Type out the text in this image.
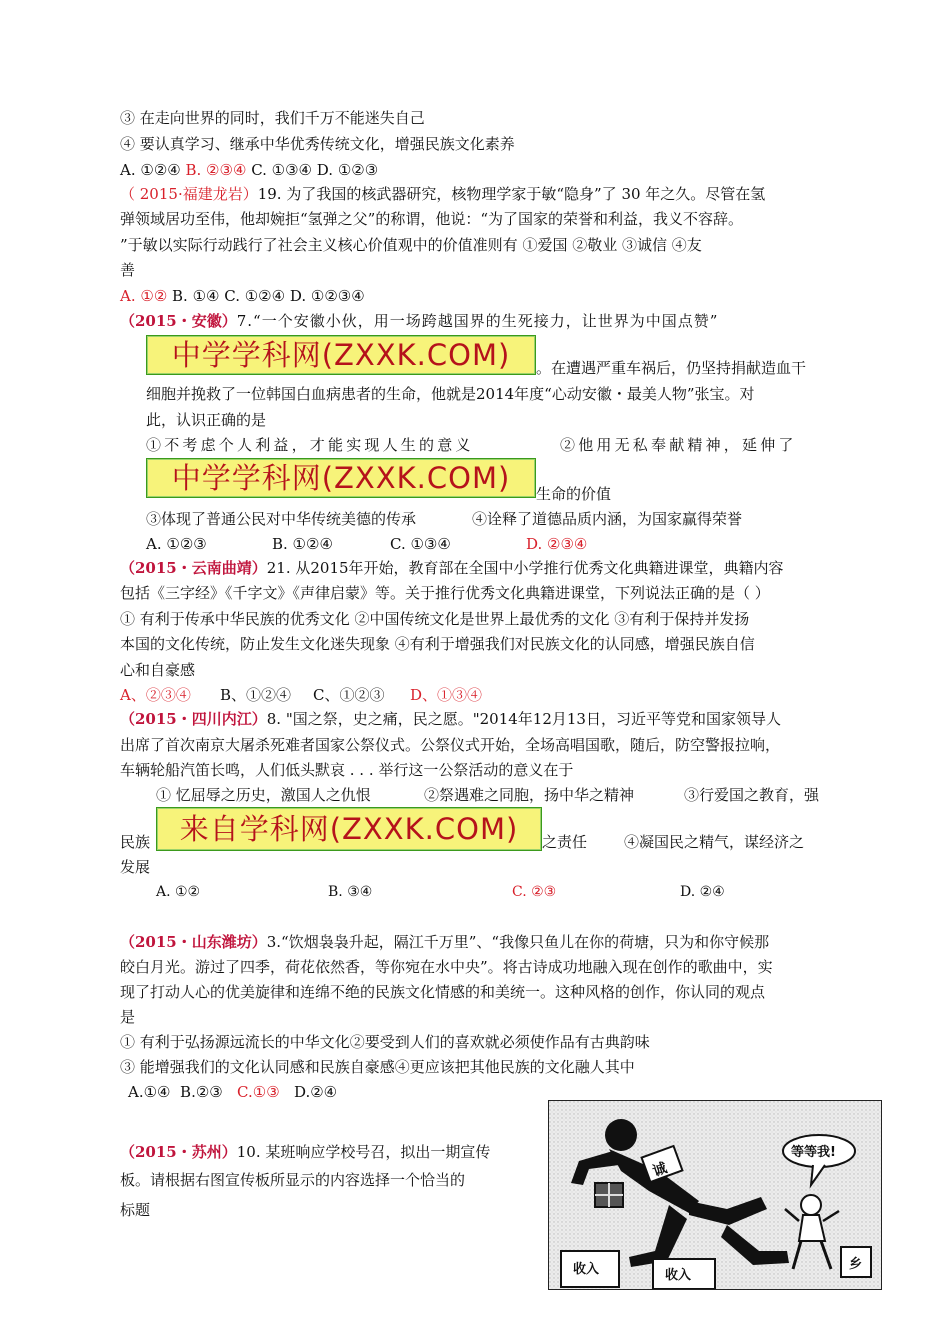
③ 在走向世界的同时，我们千万不能迷失自己
④ 要认真学习、继承中华优秀传统文化，增强民族文化素养
A. ①②④ B. ②③④ C. ①③④ D. ①②③
（ 2015·福建龙岩）19. 为了我国的核武器研究，核物理学家于敏“隐身”了 30 年之久。尽管在氢
弹领域居功至伟，他却婉拒“氢弹之父”的称谓，他说：“为了国家的荣誉和利益，我义不容辞。
”于敏以实际行动践行了社会主义核心价值观中的价值准则有 ①爱国 ②敬业 ③诚信 ④友
善
A. ①② B. ①④ C. ①②④ D. ①②③④
（2015・安徽）7.“一个安徽小伙，用一场跨越国界的生死接力，让世界为中国点赞”
中学学科网(ZXXK.COM)	。在遭遇严重车祸后，仍坚持捐献造血干
细胞并挽救了一位韩国白血病患者的生命，他就是2014年度“心动安徽・最美人物”张宝。对
此，认识正确的是
①不考虑个人利益，才能实现人生的意义	②他用无私奉献精神，延伸了
中学学科网(ZXXK.COM)	生命的价值
③体现了普通公民对中华传统美德的传承	④诠释了道德品质内涵，为国家赢得荣誉
A. ①②③	B. ①②④	C. ①③④	D. ②③④
（2015・云南曲靖）21. 从2015年开始，教育部在全国中小学推行优秀文化典籍进课堂，典籍内容
包括《三字经》《千字文》《声律启蒙》等。关于推行优秀文化典籍进课堂，下列说法正确的是（ ）
① 有利于传承中华民族的优秀文化 ②中国传统文化是世界上最优秀的文化 ③有利于保持并发扬
本国的文化传统，防止发生文化迷失现象 ④有利于增强我们对民族文化的认同感，增强民族自信
心和自豪感
A、②③④ B、①②④ C、①②③ D、①③④
（2015・四川内江）8. "国之祭，史之痛，民之愿。"2014年12月13日，习近平等党和国家领导人
出席了首次南京大屠杀死难者国家公祭仪式。公祭仪式开始，全场高唱国歌，随后，防空警报拉响，
车辆轮船汽笛长鸣，人们低头默哀 . . . 举行这一公祭活动的意义在于
① 忆屈辱之历史，激国人之仇恨	②祭遇难之同胞，扬中华之精神	③行爱国之教育，强
民族	来自学科网(ZXXK.COM)	之责任 ④凝国民之精气，谋经济之
发展
A. ①②	B. ③④	C. ②③	D. ②④
（2015・山东潍坊）3.“饮烟袅袅升起，隔江千万里”、“我像只鱼儿在你的荷塘，只为和你守候那
皎白月光。游过了四季，荷花依然香，等你宛在水中央”。将古诗成功地融入现在创作的歌曲中，实
现了打动人心的优美旋律和连绵不绝的民族文化情感的和美统一。这种风格的创作，你认同的观点
是
① 有利于弘扬源远流长的中华文化②要受到人们的喜欢就必须使作品有古典韵味
③ 能增强我们的文化认同感和民族自豪感④更应该把其他民族的文化融人其中
A.①④ B.②③ C.①③ D.②④
（2015・苏州）10. 某班响应学校号召，拟出一期宣传
板。请根据右图宣传板所显示的内容选择一个恰当的
标题
诚
收入	收入
等等我!
乡
